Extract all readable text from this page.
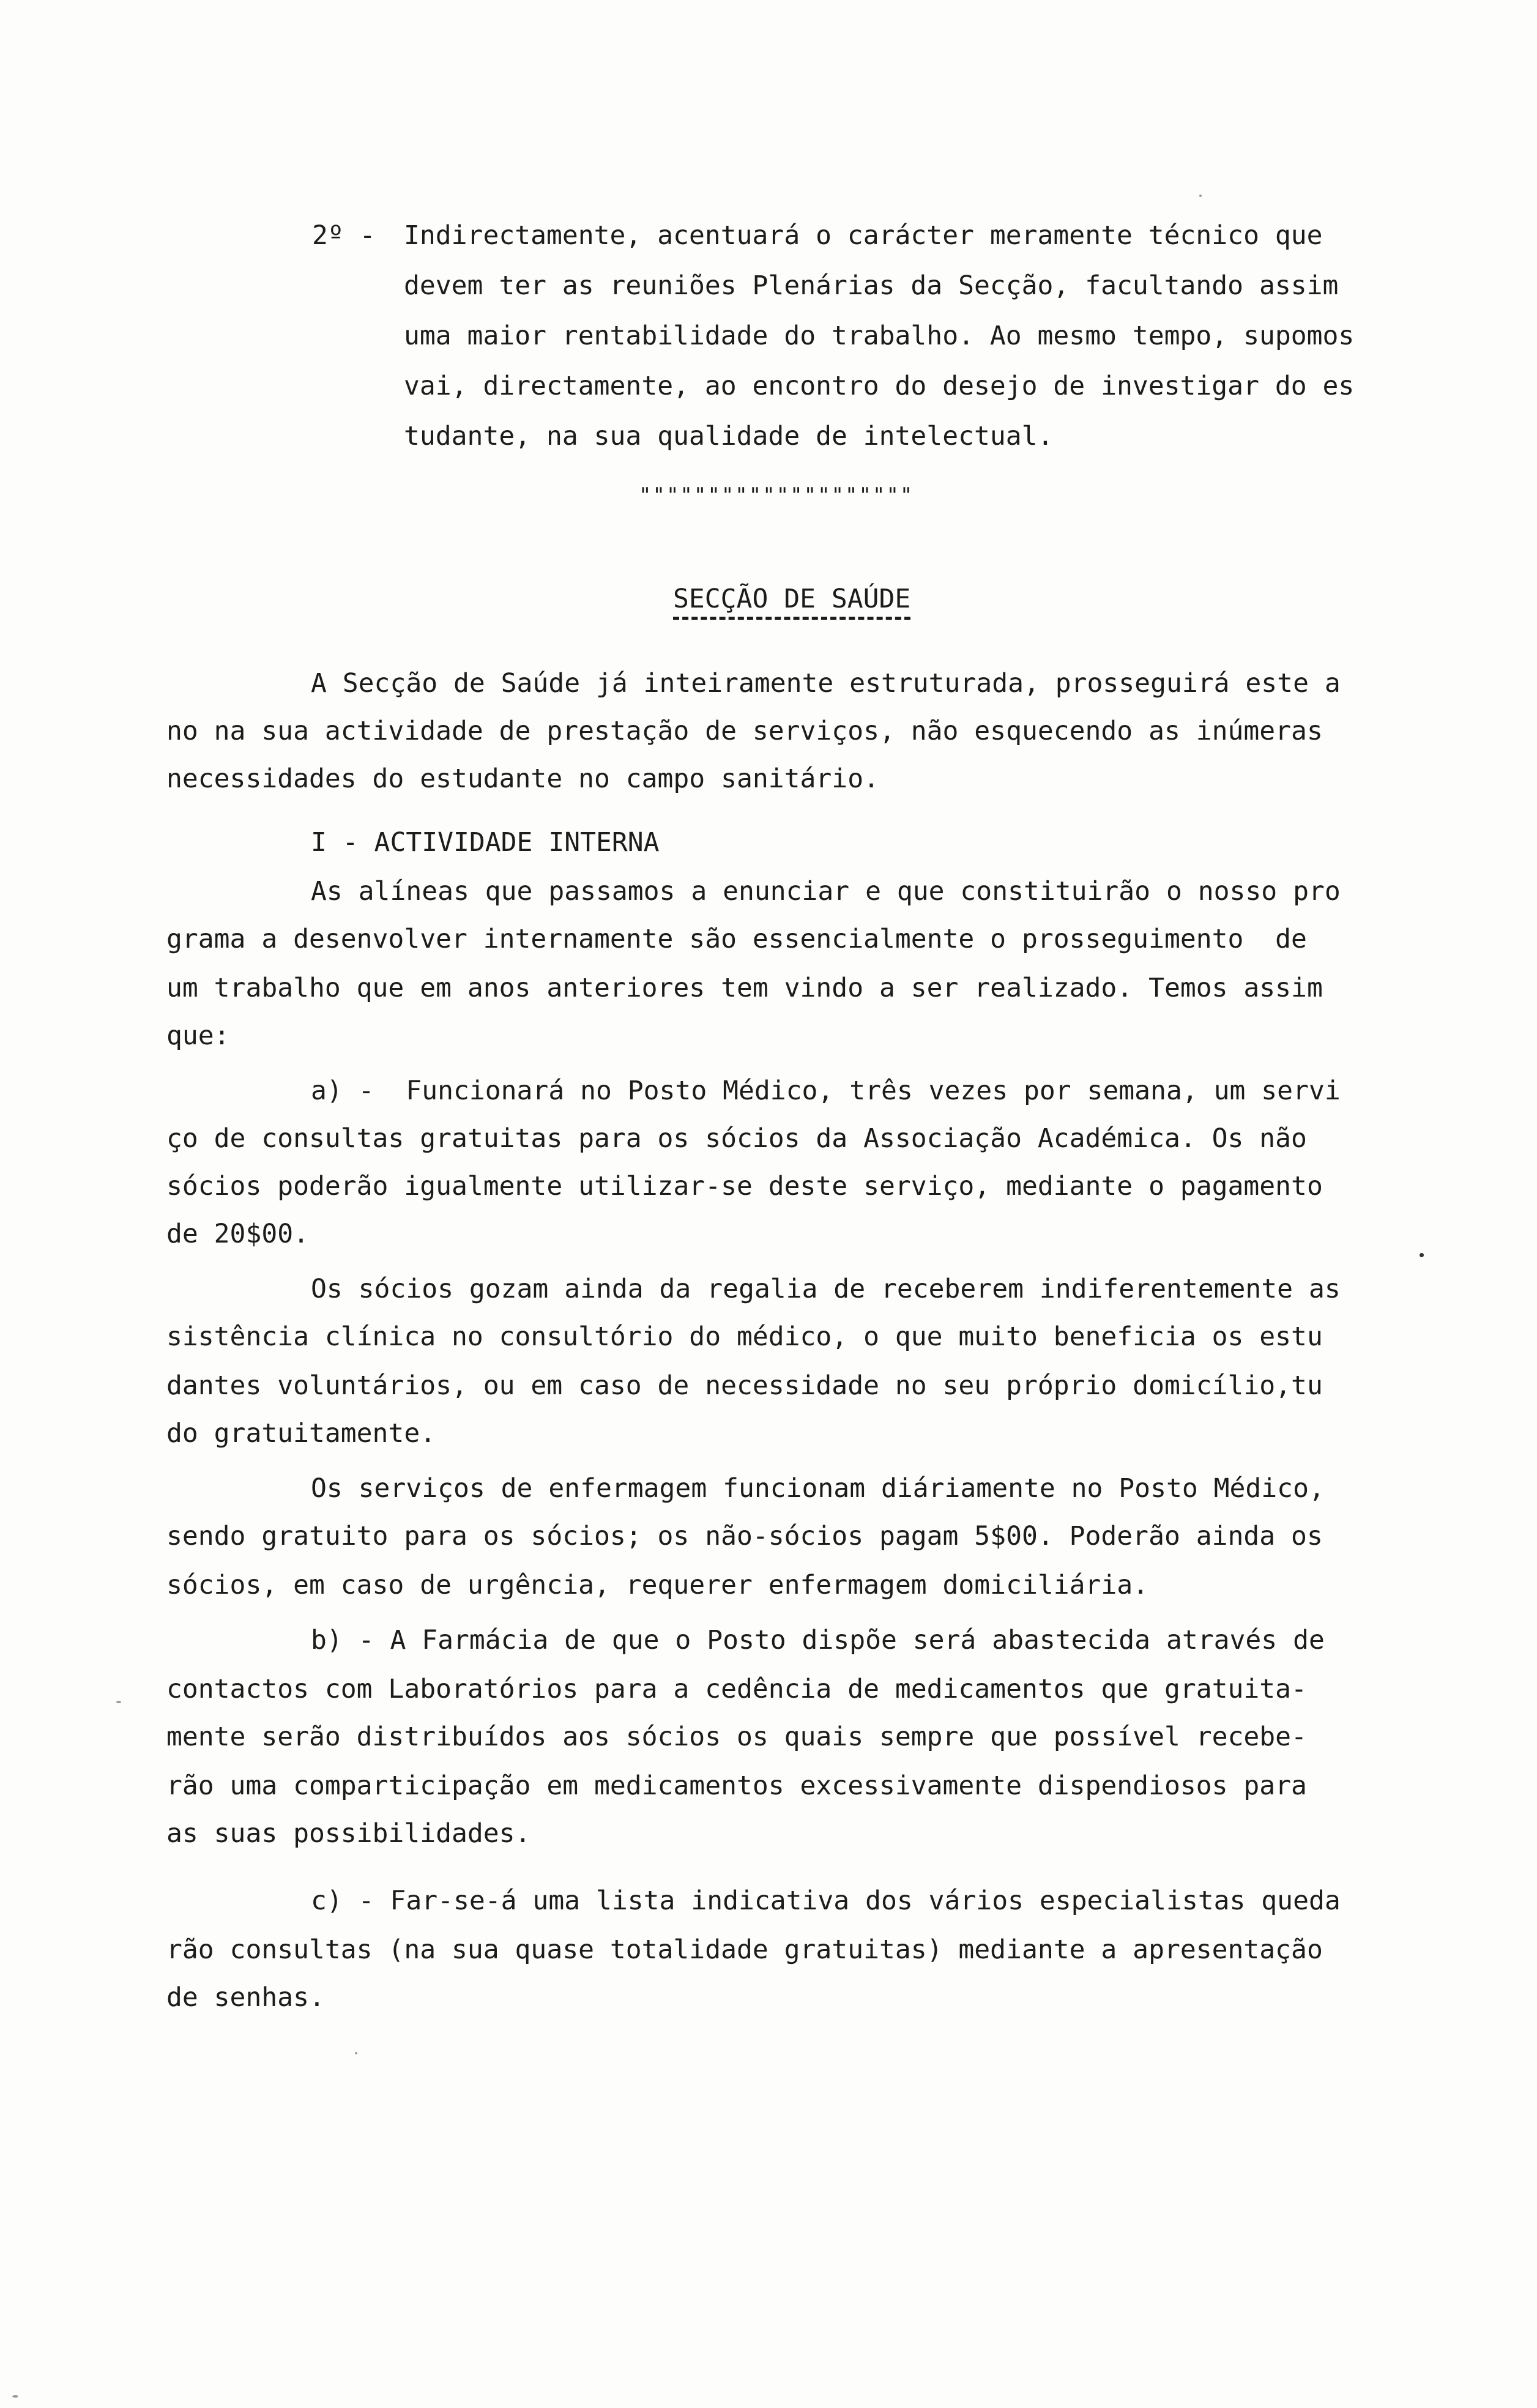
2º - Indirectamente, acentuará o carácter meramente técnico que
devem ter as reuniões Plenárias da Secção, facultando assim
uma maior rentabilidade do trabalho. Ao mesmo tempo, supomos
vai, directamente, ao encontro do desejo de investigar do es
tudante, na sua qualidade de intelectual.
""""""""""""""""""""
SECÇÃO DE SAÚDE
A Secção de Saúde já inteiramente estruturada, prosseguirá este a
no na sua actividade de prestação de serviços, não esquecendo as inúmeras
necessidades do estudante no campo sanitário.
I - ACTIVIDADE INTERNA
As alíneas que passamos a enunciar e que constituirão o nosso pro
grama a desenvolver internamente são essencialmente o prosseguimento  de
um trabalho que em anos anteriores tem vindo a ser realizado. Temos assim
que:
a) -  Funcionará no Posto Médico, três vezes por semana, um servi
ço de consultas gratuitas para os sócios da Associação Académica. Os não
sócios poderão igualmente utilizar-se deste serviço, mediante o pagamento
de 20$00.
Os sócios gozam ainda da regalia de receberem indiferentemente as
sistência clínica no consultório do médico, o que muito beneficia os estu
dantes voluntários, ou em caso de necessidade no seu próprio domicílio,tu
do gratuitamente.
Os serviços de enfermagem funcionam diáriamente no Posto Médico,
sendo gratuito para os sócios; os não-sócios pagam 5$00. Poderão ainda os
sócios, em caso de urgência, requerer enfermagem domiciliária.
b) - A Farmácia de que o Posto dispõe será abastecida através de
contactos com Laboratórios para a cedência de medicamentos que gratuita-
mente serão distribuídos aos sócios os quais sempre que possível recebe-
rão uma comparticipação em medicamentos excessivamente dispendiosos para
as suas possibilidades.
c) - Far-se-á uma lista indicativa dos vários especialistas queda
rão consultas (na sua quase totalidade gratuitas) mediante a apresentação
de senhas.
